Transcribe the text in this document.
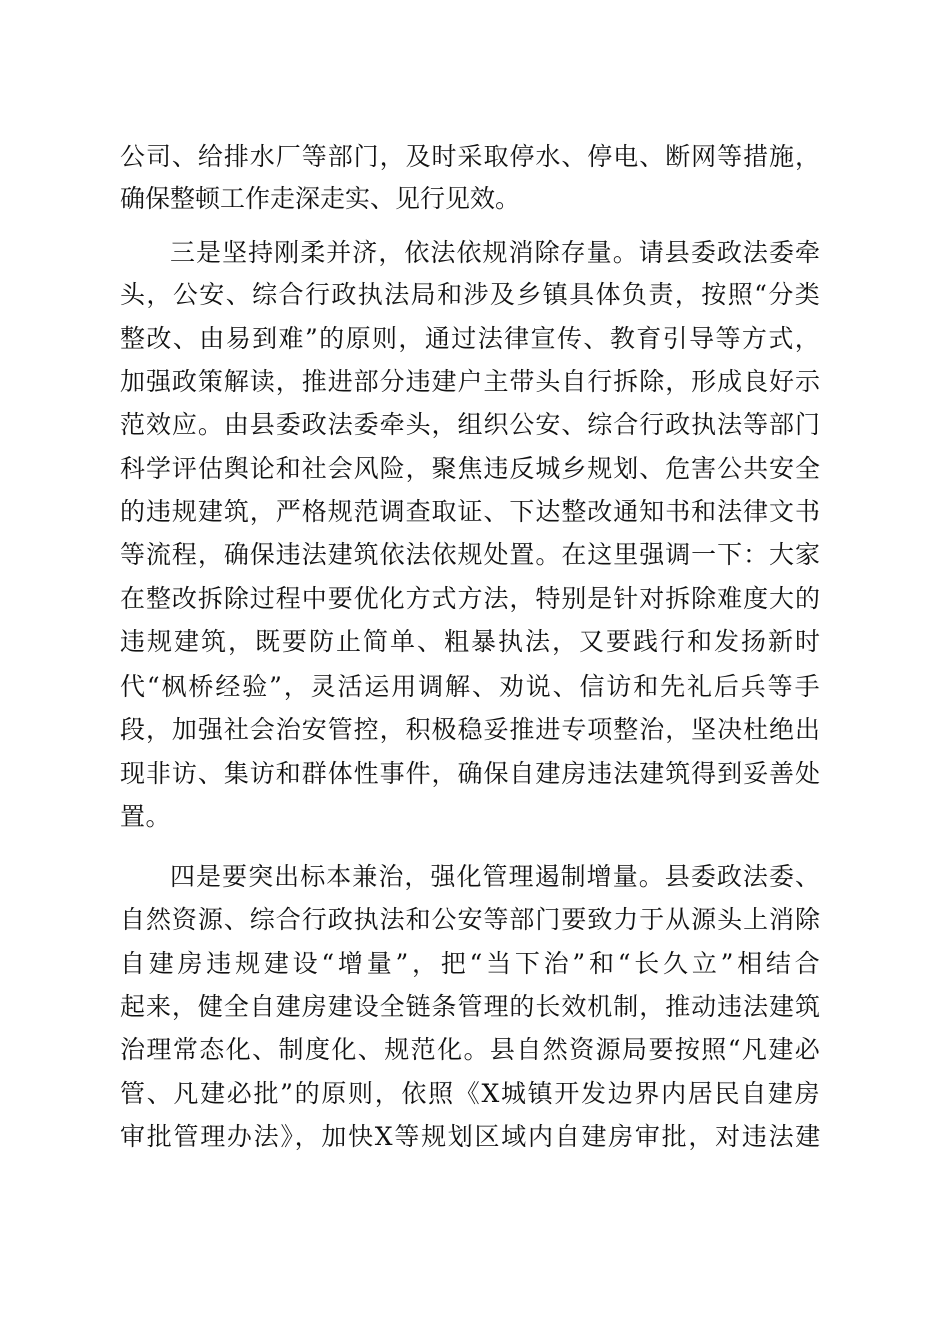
公司、给排水厂等部门，及时采取停水、停电、断网等措施，
确保整顿工作走深走实、见行见效。
三是坚持刚柔并济，依法依规消除存量。请县委政法委牵
头，公安、综合行政执法局和涉及乡镇具体负责，按照“分类
整改、由易到难”的原则，通过法律宣传、教育引导等方式，
加强政策解读，推进部分违建户主带头自行拆除，形成良好示
范效应。由县委政法委牵头，组织公安、综合行政执法等部门
科学评估舆论和社会风险，聚焦违反城乡规划、危害公共安全
的违规建筑，严格规范调查取证、下达整改通知书和法律文书
等流程，确保违法建筑依法依规处置。在这里强调一下：大家
在整改拆除过程中要优化方式方法，特别是针对拆除难度大的
违规建筑，既要防止简单、粗暴执法，又要践行和发扬新时
代“枫桥经验”，灵活运用调解、劝说、信访和先礼后兵等手
段，加强社会治安管控，积极稳妥推进专项整治，坚决杜绝出
现非访、集访和群体性事件，确保自建房违法建筑得到妥善处
置。
四是要突出标本兼治，强化管理遏制增量。县委政法委、
自然资源、综合行政执法和公安等部门要致力于从源头上消除
自建房违规建设“增量”，把“当下治”和“长久立”相结合
起来，健全自建房建设全链条管理的长效机制，推动违法建筑
治理常态化、制度化、规范化。县自然资源局要按照“凡建必
管、凡建必批”的原则，依照《X城镇开发边界内居民自建房
审批管理办法》，加快X等规划区域内自建房审批，对违法建
